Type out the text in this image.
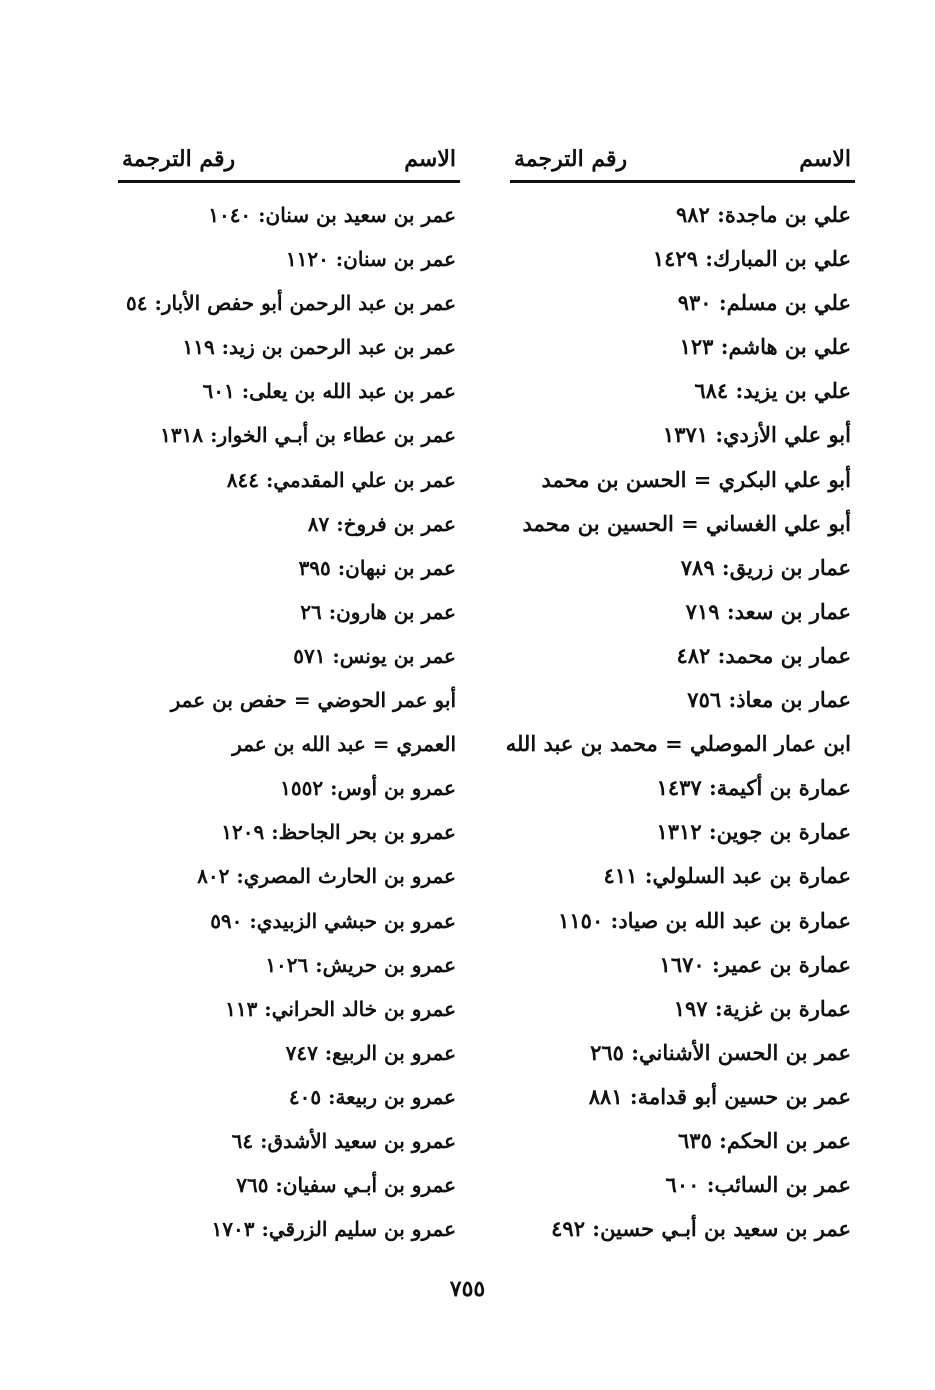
الاسم
رقم الترجمة
علي بن ماجدة: ٩٨٢
علي بن المبارك: ١٤٢٩
علي بن مسلم: ٩٣٠
علي بن هاشم: ١٢٣
علي بن يزيد: ٦٨٤
أبو علي الأزدي: ١٣٧١
أبو علي البكري = الحسن بن محمد
أبو علي الغساني = الحسين بن محمد
عمار بن زريق: ٧٨٩
عمار بن سعد: ٧١٩
عمار بن محمد: ٤٨٢
عمار بن معاذ: ٧٥٦
ابن عمار الموصلي = محمد بن عبد الله
عمارة بن أكيمة: ١٤٣٧
عمارة بن جوين: ١٣١٢
عمارة بن عبد السلولي: ٤١١
عمارة بن عبد الله بن صياد: ١١٥٠
عمارة بن عمير: ١٦٧٠
عمارة بن غزية: ١٩٧
عمر بن الحسن الأشناني: ٢٦٥
عمر بن حسين أبو قدامة: ٨٨١
عمر بن الحكم: ٦٣٥
عمر بن السائب: ٦٠٠
عمر بن سعيد بن أبـي حسين: ٤٩٢
الاسم
رقم الترجمة
عمر بن سعيد بن سنان: ١٠٤٠
عمر بن سنان: ١١٢٠
عمر بن عبد الرحمن أبو حفص الأبار: ٥٤
عمر بن عبد الرحمن بن زيد: ١١٩
عمر بن عبد الله بن يعلى: ٦٠١
عمر بن عطاء بن أبـي الخوار: ١٣١٨
عمر بن علي المقدمي: ٨٤٤
عمر بن فروخ: ٨٧
عمر بن نبهان: ٣٩٥
عمر بن هارون: ٢٦
عمر بن يونس: ٥٧١
أبو عمر الحوضي = حفص بن عمر
العمري = عبد الله بن عمر
عمرو بن أوس: ١٥٥٢
عمرو بن بحر الجاحظ: ١٢٠٩
عمرو بن الحارث المصري: ٨٠٢
عمرو بن حبشي الزبيدي: ٥٩٠
عمرو بن حريش: ١٠٢٦
عمرو بن خالد الحراني: ١١٣
عمرو بن الربيع: ٧٤٧
عمرو بن ربيعة: ٤٠٥
عمرو بن سعيد الأشدق: ٦٤
عمرو بن أبـي سفيان: ٧٦٥
عمرو بن سليم الزرقي: ١٧٠٣
٧٥٥
